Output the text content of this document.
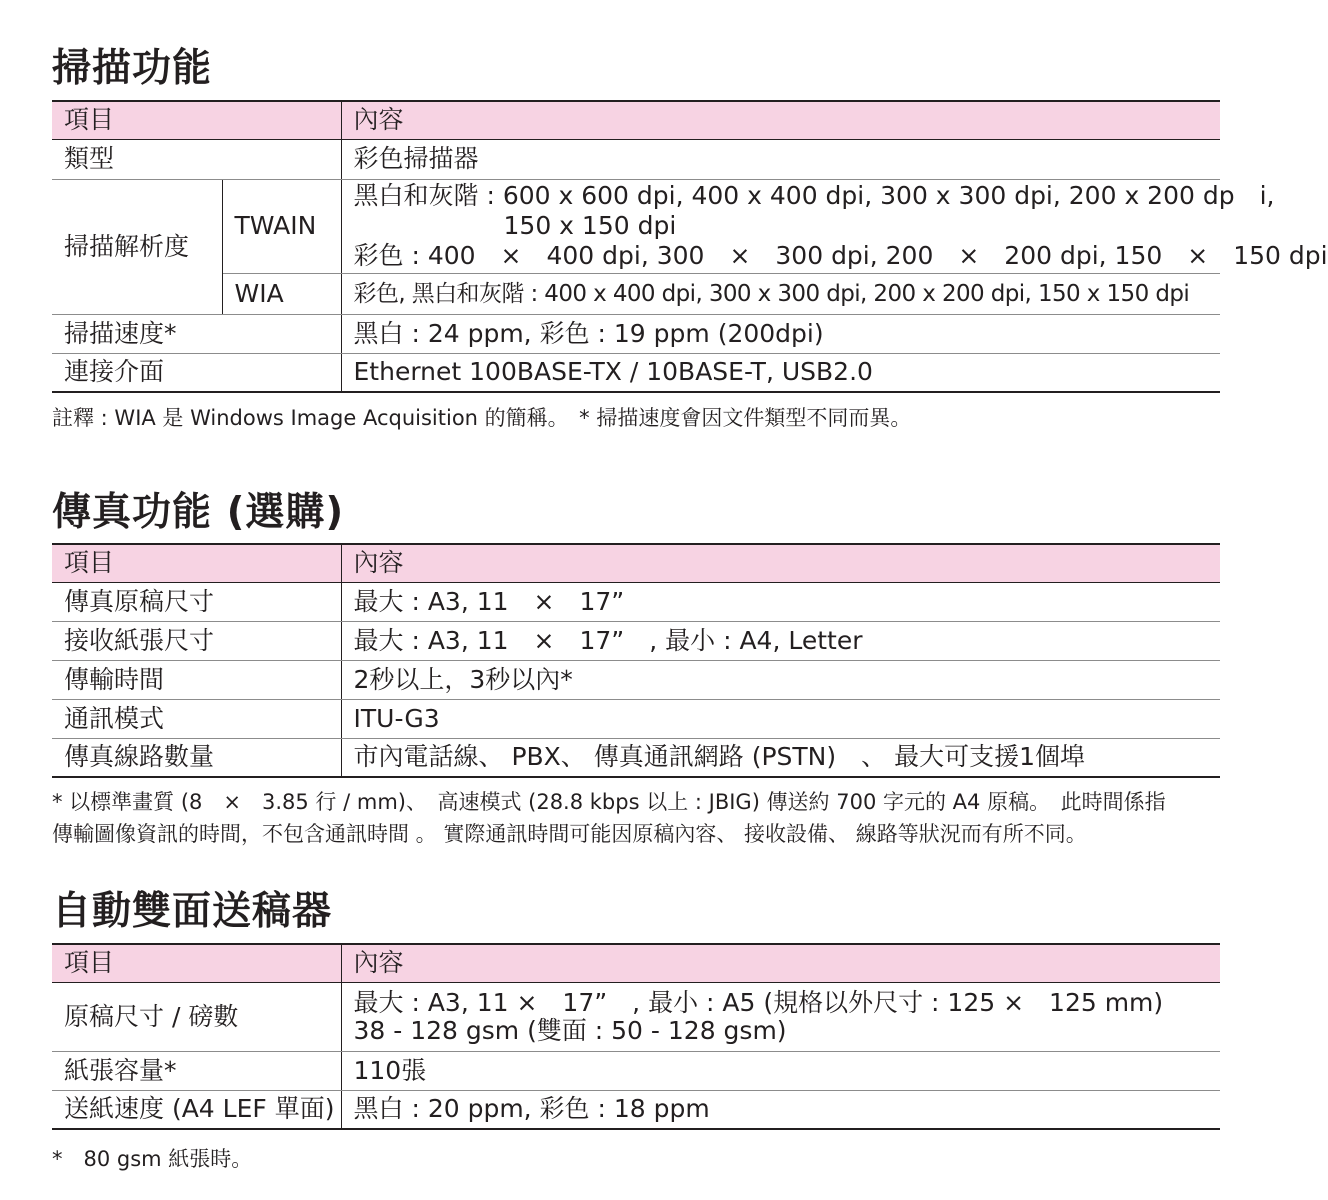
掃描功能
項目		內容
類型		彩色掃描器
掃描解析度	TWAIN	黑白和灰階 : 600 x 600 dpi, 400 x 400 dpi, 300 x 300 dpi, 200 x 200 dp　i,
150 x 150 dpi
彩色 : 400　×　400 dpi, 300　×　300 dpi, 200　×　200 dpi, 150　×　150 dpi

	WIA	彩色, 黑白和灰階 : 400 x 400 dpi, 300 x 300 dpi, 200 x 200 dpi, 150 x 150 dpi
掃描速度*		黑白 : 24 ppm, 彩色 : 19 ppm (200dpi)
連接介面		Ethernet 100BASE-TX / 10BASE-T, USB2.0
註釋 : WIA 是 Windows Image Acquisition 的簡稱。　* 掃描速度會因文件類型不同而異。
傳真功能 (選購)
項目	內容
傳真原稿尺寸	最大 : A3, 11　×　17”
接收紙張尺寸	最大 : A3, 11　×　17”　, 最小 : A4, Letter
傳輸時間	2秒以上，3秒以內*
通訊模式	ITU-G3
傳真線路數量	市內電話線、 PBX、 傳真通訊網路 (PSTN)　、 最大可支援1個埠
* 以標準畫質 (8　×　3.85 行 / mm)、　高速模式 (28.8 kbps 以上 : JBIG) 傳送約 700 字元的 A4 原稿。　此時間係指
傳輸圖像資訊的時間，不包含通訊時間 。 實際通訊時間可能因原稿內容、 接收設備、 線路等狀況而有所不同。
自動雙面送稿器
項目	內容
原稿尺寸 / 磅數	最大 : A3, 11 ×　17”　, 最小 : A5 (規格以外尺寸 : 125 ×　125 mm)
38 - 128 gsm (雙面 : 50 - 128 gsm)

紙張容量*	110張
送紙速度 (A4 LEF 單面)	黑白 : 20 ppm, 彩色 : 18 ppm
*　80 gsm 紙張時。
